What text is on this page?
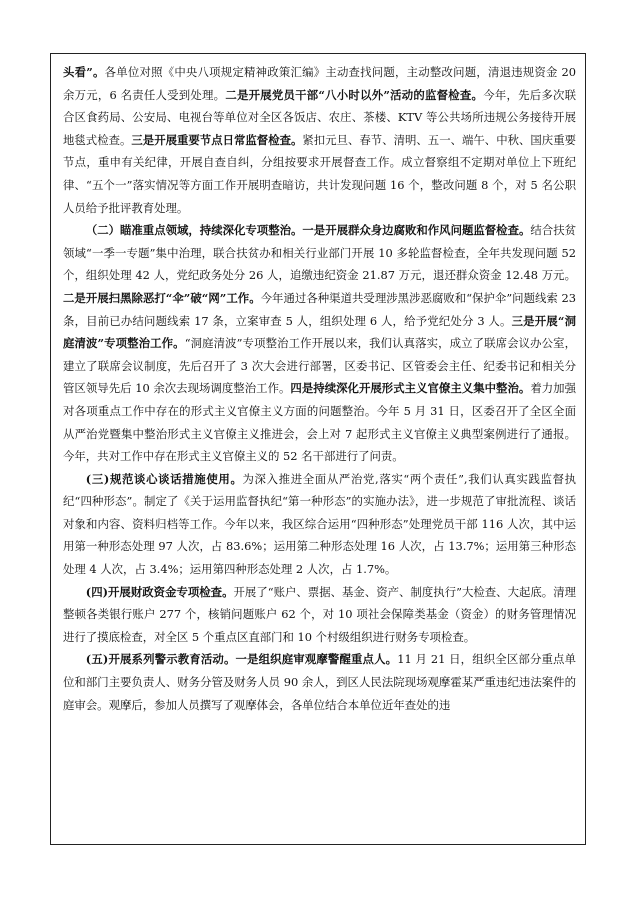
头看”。各单位对照《中央八项规定精神政策汇编》主动查找问题，主动整改问题，清退违规资金 20 余万元，6 名责任人受到处理。二是开展党员干部“八小时以外”活动的监督检查。今年，先后多次联合区食药局、公安局、电视台等单位对全区各饭店、农庄、茶楼、KTV 等公共场所违规公务接待开展地毯式检查。三是开展重要节点日常监督检查。紧扣元旦、春节、清明、五一、端午、中秋、国庆重要节点，重申有关纪律，开展自查自纠，分组按要求开展督查工作。成立督察组不定期对单位上下班纪律、“五个一”落实情况等方面工作开展明查暗访，共计发现问题 16 个，整改问题 8 个，对 5 名公职人员给予批评教育处理。

（二）瞄准重点领域，持续深化专项整治。一是开展群众身边腐败和作风问题监督检查。结合扶贫领域“一季一专题”集中治理，联合扶贫办和相关行业部门开展 10 多轮监督检查，全年共发现问题 52 个，组织处理 42 人，党纪政务处分 26 人，追缴违纪资金 21.87 万元，退还群众资金 12.48 万元。二是开展扫黑除恶打“伞”破“网”工作。今年通过各种渠道共受理涉黑涉恶腐败和“保护伞”问题线索 23 条，目前已办结问题线索 17 条，立案审查 5 人，组织处理 6 人，给予党纪处分 3 人。三是开展“洞庭清波”专项整治工作。“洞庭清波”专项整治工作开展以来，我们认真落实，成立了联席会议办公室，建立了联席会议制度，先后召开了 3 次大会进行部署，区委书记、区管委会主任、纪委书记和相关分管区领导先后 10 余次去现场调度整治工作。四是持续深化开展形式主义官僚主义集中整治。着力加强对各项重点工作中存在的形式主义官僚主义方面的问题整治。今年 5 月 31 日，区委召开了全区全面从严治党暨集中整治形式主义官僚主义推进会，会上对 7 起形式主义官僚主义典型案例进行了通报。今年，共对工作中存在形式主义官僚主义的 52 名干部进行了问责。

(三)规范谈心谈话措施使用。为深入推进全面从严治党,落实“两个责任”,我们认真实践监督执纪“四种形态”。制定了《关于运用监督执纪“第一种形态”的实施办法》，进一步规范了审批流程、谈话对象和内容、资料归档等工作。今年以来，我区综合运用“四种形态”处理党员干部 116 人次，其中运用第一种形态处理 97 人次，占 83.6%；运用第二种形态处理 16 人次，占 13.7%；运用第三种形态处理 4 人次，占 3.4%；运用第四种形态处理 2 人次，占 1.7%。

(四)开展财政资金专项检查。开展了“账户、票据、基金、资产、制度执行”大检查、大起底。清理整顿各类银行账户 277 个，核销问题账户 62 个，对 10 项社会保障类基金（资金）的财务管理情况进行了摸底检查，对全区 5 个重点区直部门和 10 个村级组织进行财务专项检查。

(五)开展系列警示教育活动。一是组织庭审观摩警醒重点人。11 月 21 日，组织全区部分重点单位和部门主要负责人、财务分管及财务人员 90 余人，到区人民法院现场观摩霍某严重违纪违法案件的庭审会。观摩后，参加人员撰写了观摩体会，各单位结合本单位近年查处的违
